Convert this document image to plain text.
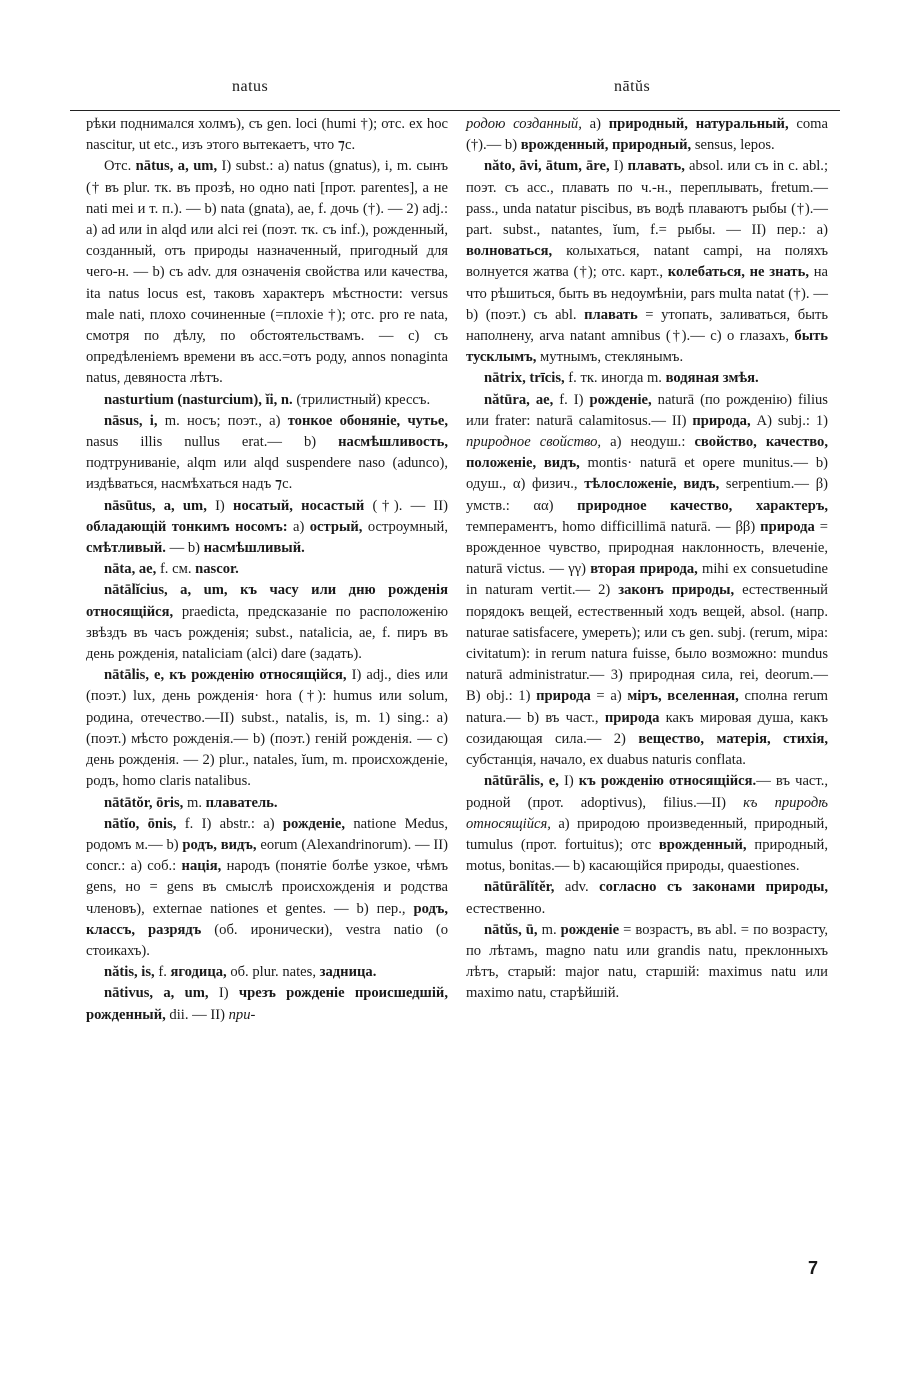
natus	nātŭs

рѣки поднимался холмъ), съ gen. loci (humi †); отс. ex hoc nascitur, ut etc., изъ этого вытекаетъ, что ⁊c.

Отс. nātus, a, um, I) subst.: a) natus (gnatus), i, m. сынъ († въ plur. тк. въ прозѣ, но одно nati [прот. parentes], a не nati mei и т. п.). — b) nata (gnata), ae, f. дочь (†). — 2) adj.: a) ad или in alqd или alci rei (поэт. тк. съ inf.), рожденный, созданный, отъ природы назначенный, пригодный для чего-н. — b) съ adv. для означенія свойства или качества, ita natus locus est, таковъ характеръ мѣстности: versus male nati, плохо сочиненные (=плохіе †); отс. pro re nata, смотря по дѣлу, по обстоятельствамъ. — c) съ опредѣленіемъ времени въ acc.=отъ роду, annos nonaginta natus, девяноста лѣтъ.

nasturtium (nasturcium), ĭi, n. (трилистный) крессъ.

nāsus, i, m. носъ; поэт., a) тонкое обоняніе, чутье, nasus illis nullus erat.— b) насмѣшливость, подтруниваніе, alqm или alqd suspendere naso (adunco), издѣваться, насмѣхаться надъ ⁊c.

nāsūtus, a, um, I) носатый, носастый (†). — II) обладающій тонкимъ носомъ: a) острый, остроумный, смѣтливый. — b) насмѣшливый.

nāta, ae, f. см. nascor.

nātālĭcius, a, um, къ часу или дню рожденія относящійся, praedicta, предсказаніе по расположенію звѣздъ въ часъ рожденія; subst., natalicia, ae, f. пиръ въ день рожденія, nataliciam (alci) dare (задать).

nātālis, e, къ рожденію относящійся, I) adj., dies или (поэт.) lux, день рожденія· hora (†): humus или solum, родина, отечество.—II) subst., natalis, is, m. 1) sing.: a) (поэт.) мѣсто рожденія.— b) (поэт.) геній рожденія. — c) день рожденія. — 2) plur., natales, ĭum, m. происхожденіе, родъ, homo claris natalibus.

nātātŏr, ōris, m. плаватель.

nātĭo, ōnis, f. I) abstr.: a) рожденіе, natione Medus, родомъ м.— b) родъ, видъ, eorum (Alexandrinorum). — II) concr.: a) соб.: нація, народъ (понятіе болѣе узкое, чѣмъ gens, но = gens въ смыслѣ происхожденія и родства членовъ), externae nationes et gentes. — b) пер., родъ, классъ, разрядъ (об. иронически), vestra natio (о стоикахъ).

nătis, is, f. ягодица, об. plur. nates, задница.

nātivus, a, um, I) чрезъ рожденіе происшедшій, рожденный, dii. — II) при-

родою созданный, a) природный, натуральный, coma (†).— b) врожденный, природный, sensus, lepos.

năto, āvi, ātum, āre, I) плавать, absol. или съ in c. abl.; поэт. съ acc., плавать по ч.-н., переплывать, fretum.— pass., unda natatur piscibus, въ водѣ плаваютъ рыбы (†).— part. subst., natantes, ĭum, f.= рыбы. — II) пер.: a) волноваться, колыхаться, natant campi, на поляхъ волнуется жатва (†); отс. карт., колебаться, не знать, на что рѣшиться, быть въ недоумѣніи, pars multa natat (†). — b) (поэт.) съ abl. плавать = утопать, заливаться, быть наполнену, arva natant amnibus (†).— c) о глазахъ, быть тусклымъ, мутнымъ, стеклянымъ.

nātrix, trīcis, f. тк. иногда m. водяная змѣя.

nătūra, ae, f. I) рожденіе, naturā (по рожденію) filius или frater: naturā calamitosus.— II) природа, A) subj.: 1) природное свойство, a) неодуш.: свойство, качество, положеніе, видъ, montis· naturā et opere munitus.— b) одуш., α) физич., тѣлосложеніе, видъ, serpentium.— β) умств.: αα) природное качество, характеръ, темпераментъ, homo difficillimā naturā. — ββ) природа = врожденное чувство, природная наклонность, влеченіе, naturā victus. — γγ) вторая природа, mihi ex consuetudine in naturam vertit.— 2) законъ природы, естественный порядокъ вещей, естественный ходъ вещей, absol. (напр. naturae satisfacere, умереть); или съ gen. subj. (rerum, міра: civitatum): in rerum natura fuisse, было возможно: mundus naturā administratur.— 3) природная сила, rei, deorum.— B) obj.: 1) природа = a) міръ, вселенная, сполна rerum natura.— b) въ част., природа какъ мировая душа, какъ созидающая сила.— 2) вещество, матерія, стихія, субстанція, начало, ex duabus naturis conflata.

nātūrālis, e, I) къ рожденію относящійся.— въ част., родной (прот. adoptivus), filius.—II) къ природѣ относящійся, a) природою произведенный, природный, tumulus (прот. fortuitus); отс врожденный, природный, motus, bonitas.— b) касающійся природы, quaestiones.

nātūrālĭtĕr, adv. согласно съ законами природы, естественно.

nātŭs, ū, m. рожденіе = возрастъ, въ abl. = по возрасту, по лѣтамъ, magno natu или grandis natu, преклонныхъ лѣтъ, старый: major natu, старшій: maximus natu или maximo natu, старѣйшій.

7
